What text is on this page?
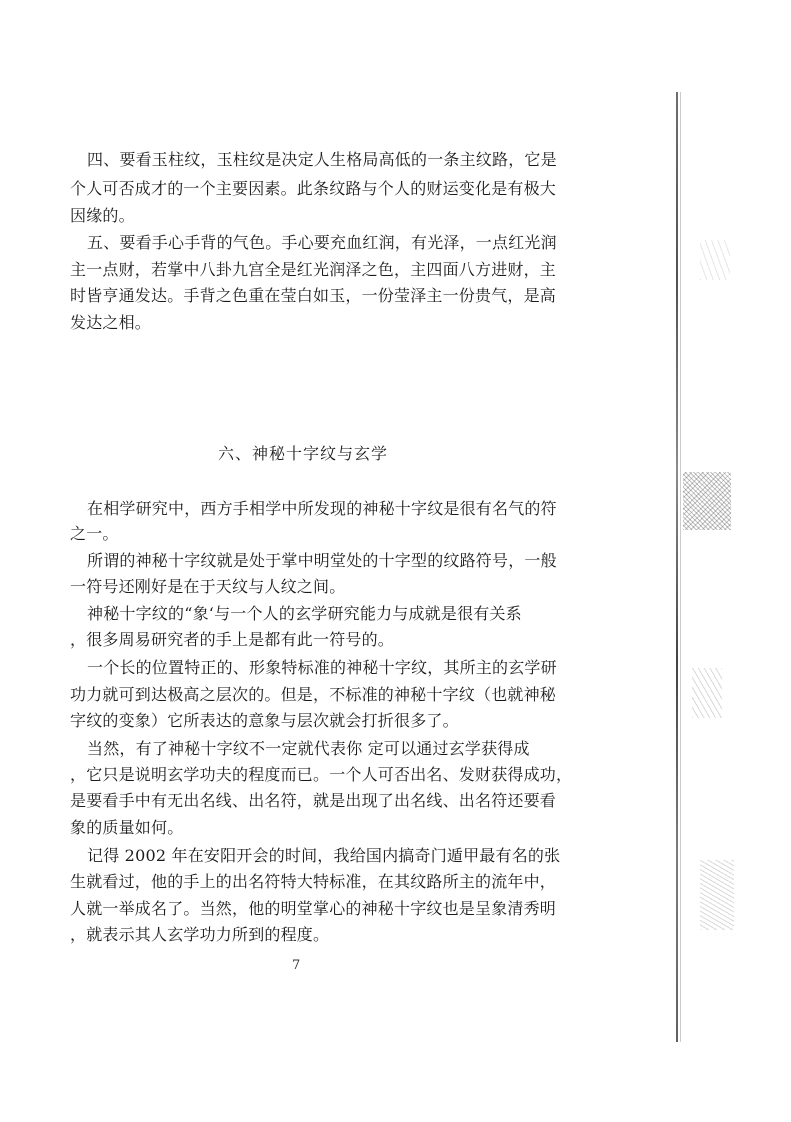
四、要看玉柱纹，玉柱纹是决定人生格局高低的一条主纹路，它是
个人可否成才的一个主要因素。此条纹路与个人的财运变化是有极大
因缘的。
五、要看手心手背的气色。手心要充血红润，有光泽，一点红光润
主一点财，若掌中八卦九宫全是红光润泽之色，主四面八方进财，主
时皆亨通发达。手背之色重在莹白如玉，一份莹泽主一份贵气，是高
发达之相。
六、神秘十字纹与玄学
在相学研究中，西方手相学中所发现的神秘十字纹是很有名气的符
之一。
所谓的神秘十字纹就是处于掌中明堂处的十字型的纹路符号，一般
一符号还刚好是在于天纹与人纹之间。
神秘十字纹的“象‘与一个人的玄学研究能力与成就是很有关系
，很多周易研究者的手上是都有此一符号的。
一个长的位置特正的、形象特标准的神秘十字纹，其所主的玄学研
功力就可到达极高之层次的。但是，不标准的神秘十字纹（也就神秘
字纹的变象）它所表达的意象与层次就会打折很多了。
当然，有了神秘十字纹不一定就代表你 定可以通过玄学获得成
，它只是说明玄学功夫的程度而已。一个人可否出名、发财获得成功，
是要看手中有无出名线、出名符，就是出现了出名线、出名符还要看
象的质量如何。
记得 2002 年在安阳开会的时间，我给国内搞奇门遁甲最有名的张
生就看过，他的手上的出名符特大特标准，在其纹路所主的流年中，
人就一举成名了。当然，他的明堂掌心的神秘十字纹也是呈象清秀明
，就表示其人玄学功力所到的程度。
7
